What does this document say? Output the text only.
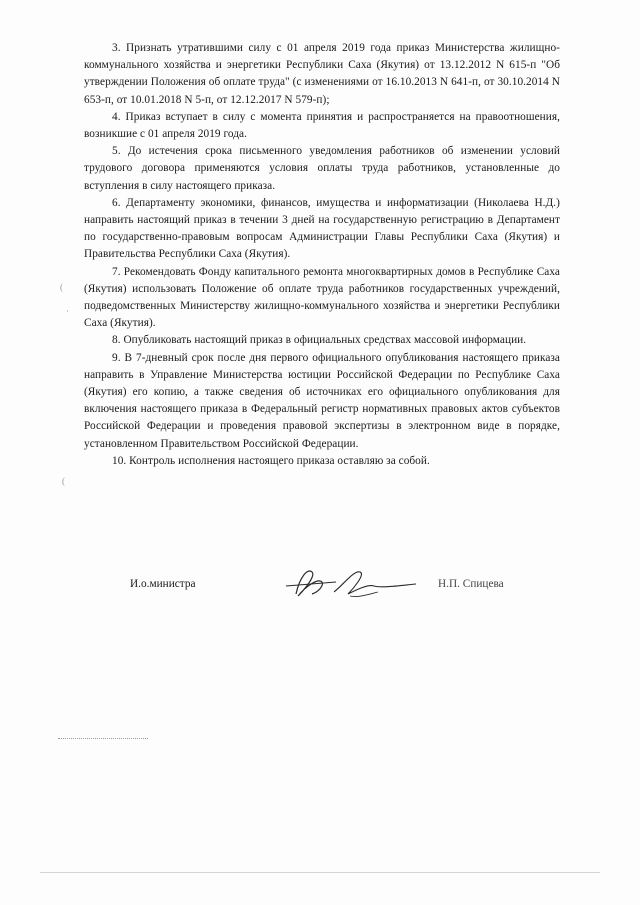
3. Признать утратившими силу с 01 апреля 2019 года приказ Министерства жилищно-коммунального хозяйства и энергетики Республики Саха (Якутия) от 13.12.2012 N 615-п "Об утверждении Положения об оплате труда" (с изменениями от 16.10.2013 N 641-п, от 30.10.2014 N 653-п, от 10.01.2018 N 5-п, от 12.12.2017 N 579-п);

4. Приказ вступает в силу с момента принятия и распространяется на правоотношения, возникшие с 01 апреля 2019 года.

5. До истечения срока письменного уведомления работников об изменении условий трудового договора применяются условия оплаты труда работников, установленные до вступления в силу настоящего приказа.

6. Департаменту экономики, финансов, имущества и информатизации (Николаева Н.Д.) направить настоящий приказ в течении 3 дней на государственную регистрацию в Департамент по государственно-правовым вопросам Администрации Главы Республики Саха (Якутия) и Правительства Республики Саха (Якутия).

7. Рекомендовать Фонду капитального ремонта многоквартирных домов в Республике Саха (Якутия) использовать Положение об оплате труда работников государственных учреждений, подведомственных Министерству жилищно-коммунального хозяйства и энергетики Республики Саха (Якутия).

8. Опубликовать настоящий приказ в официальных средствах массовой информации.

9. В 7-дневный срок после дня первого официального опубликования настоящего приказа направить в Управление Министерства юстиции Российской Федерации по Республике Саха (Якутия) его копию, а также сведения об источниках его официального опубликования для включения настоящего приказа в Федеральный регистр нормативных правовых актов субъектов Российской Федерации и проведения правовой экспертизы в электронном виде в порядке, установленном Правительством Российской Федерации.

10. Контроль исполнения настоящего приказа оставляю за собой.

И.о.министра	Н.П. Спицева
(
·
(
